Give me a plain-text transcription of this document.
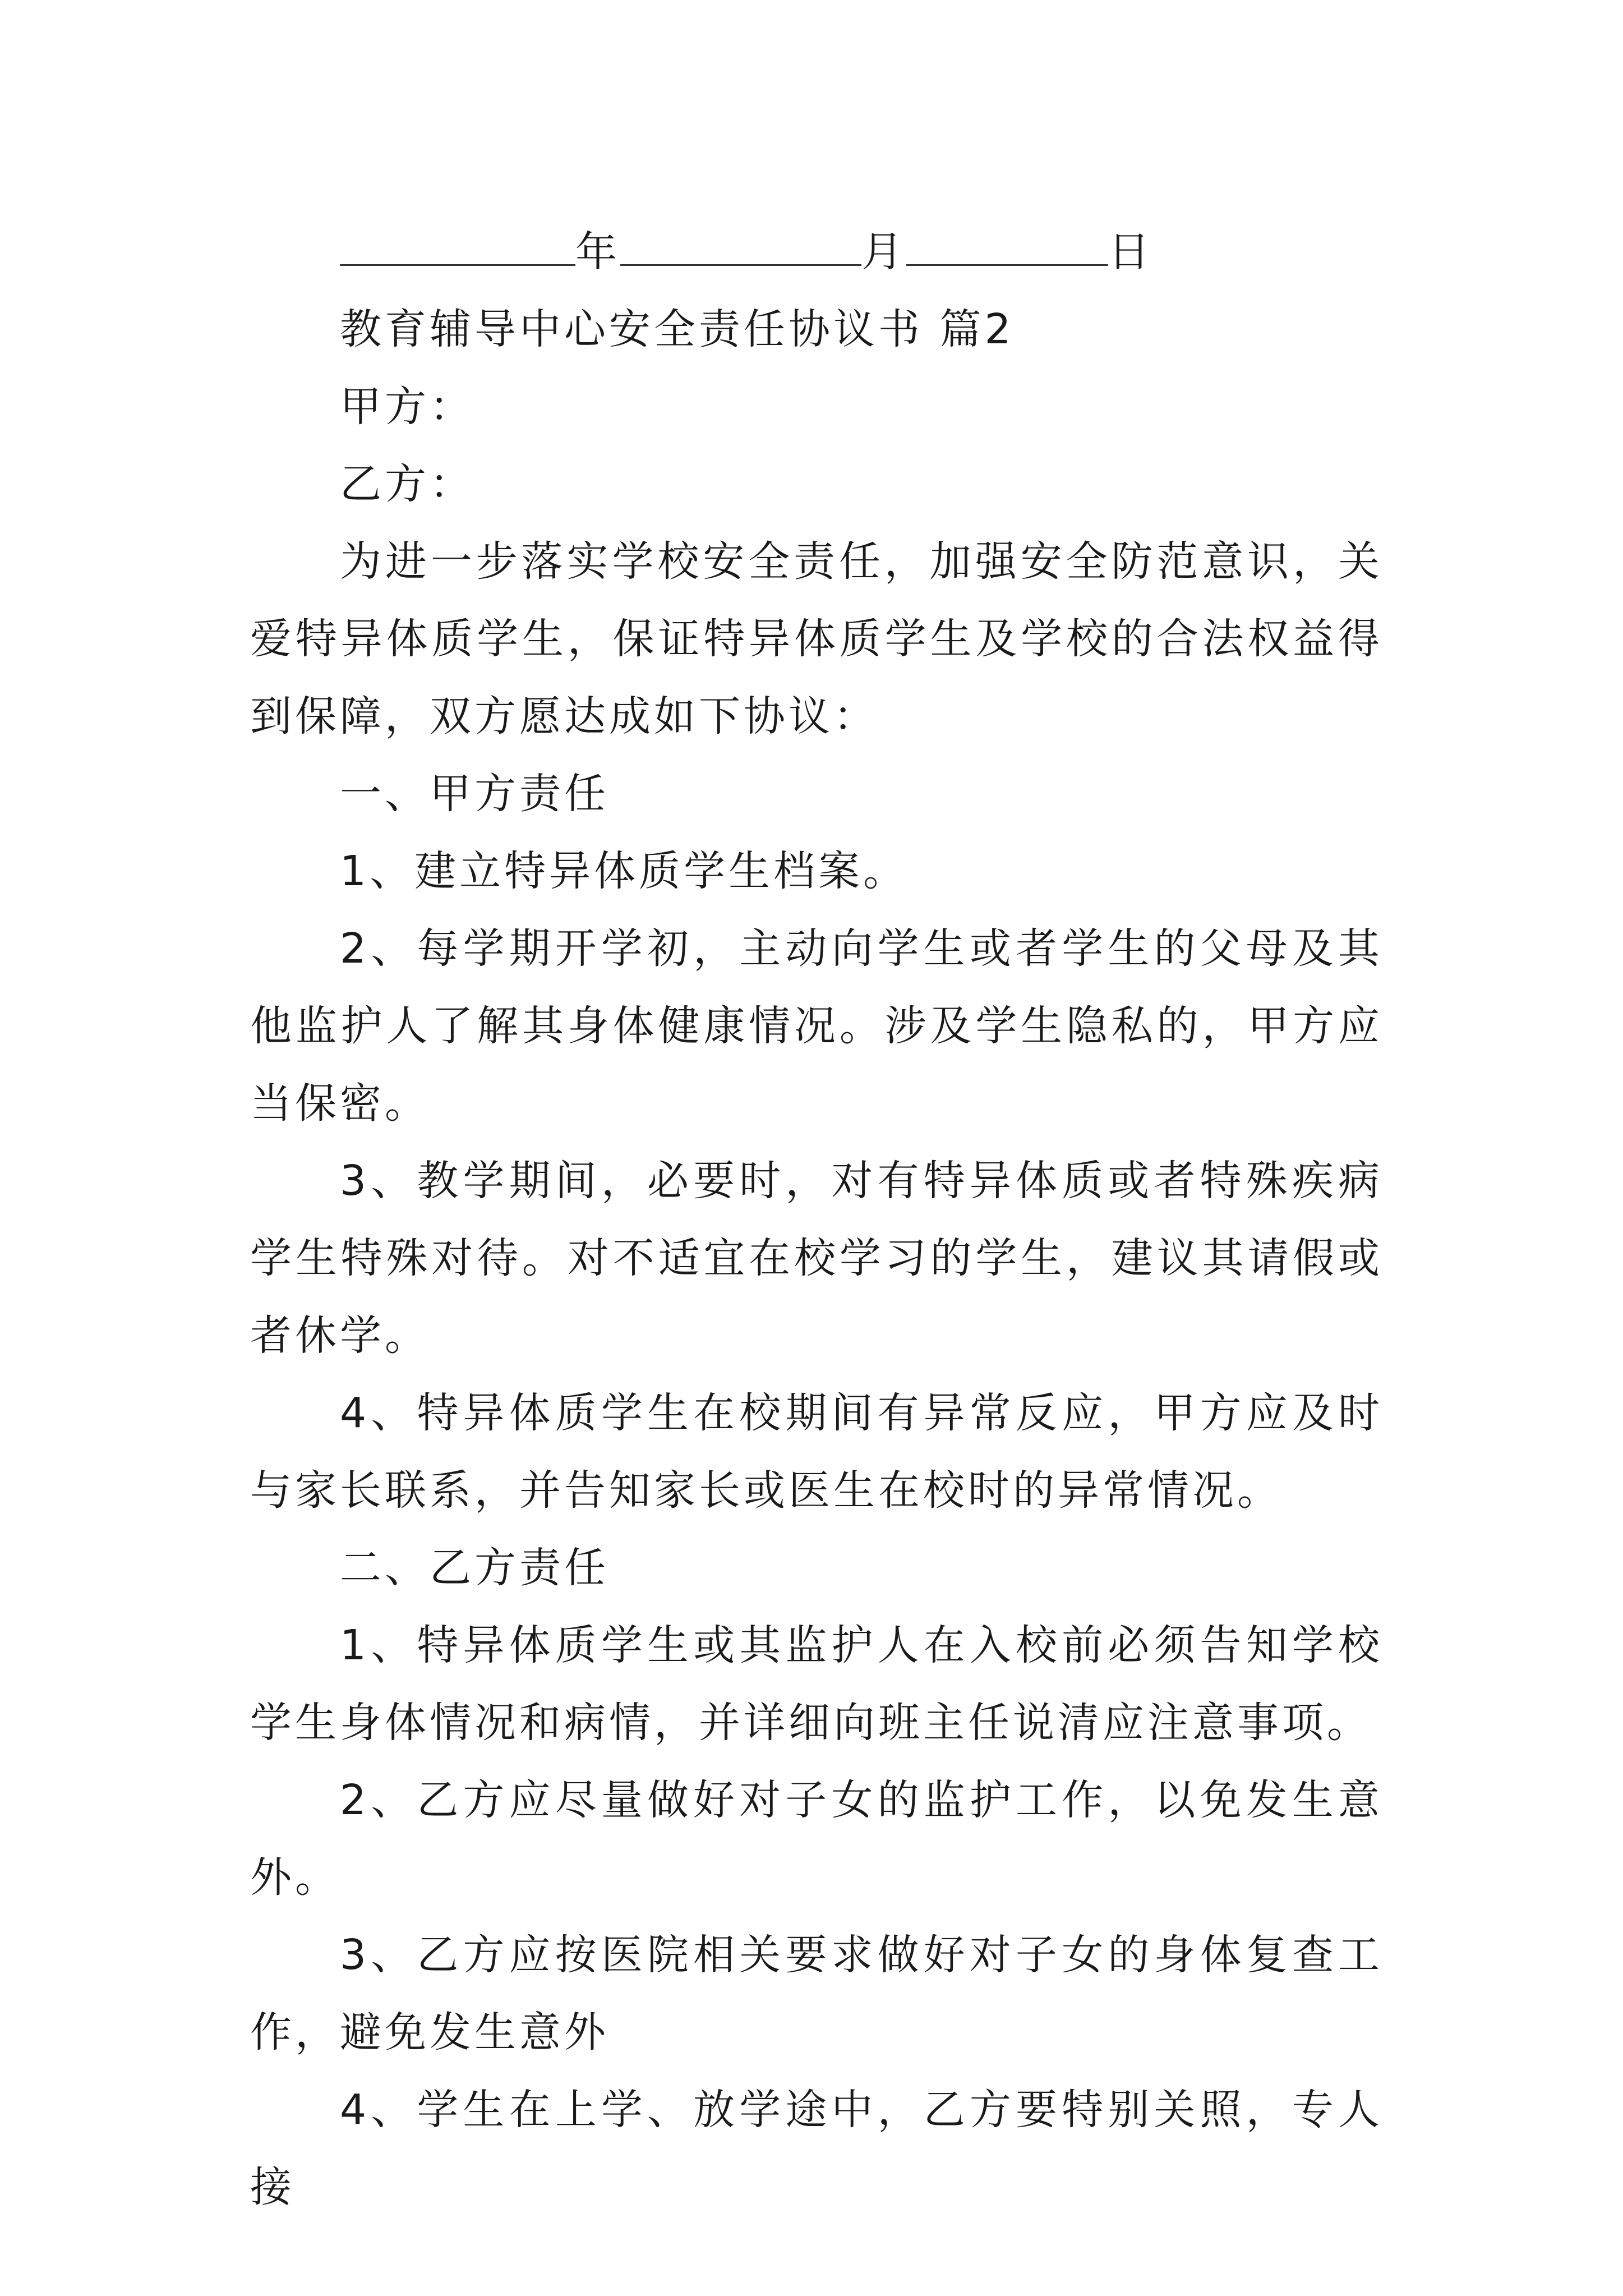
年	月	日

教育辅导中心安全责任协议书 篇2

甲方：

乙方：

为进一步落实学校安全责任，加强安全防范意识，关爱特异体质学生，保证特异体质学生及学校的合法权益得到保障，双方愿达成如下协议：

一、甲方责任

1、建立特异体质学生档案。

2、每学期开学初，主动向学生或者学生的父母及其他监护人了解其身体健康情况。涉及学生隐私的，甲方应当保密。

3、教学期间，必要时，对有特异体质或者特殊疾病学生特殊对待。对不适宜在校学习的学生，建议其请假或者休学。

4、特异体质学生在校期间有异常反应，甲方应及时与家长联系，并告知家长或医生在校时的异常情况。

二、乙方责任

1、特异体质学生或其监护人在入校前必须告知学校学生身体情况和病情，并详细向班主任说清应注意事项。

2、乙方应尽量做好对子女的监护工作，以免发生意外。

3、乙方应按医院相关要求做好对子女的身体复查工作，避免发生意外

4、学生在上学、放学途中，乙方要特别关照，专人接
